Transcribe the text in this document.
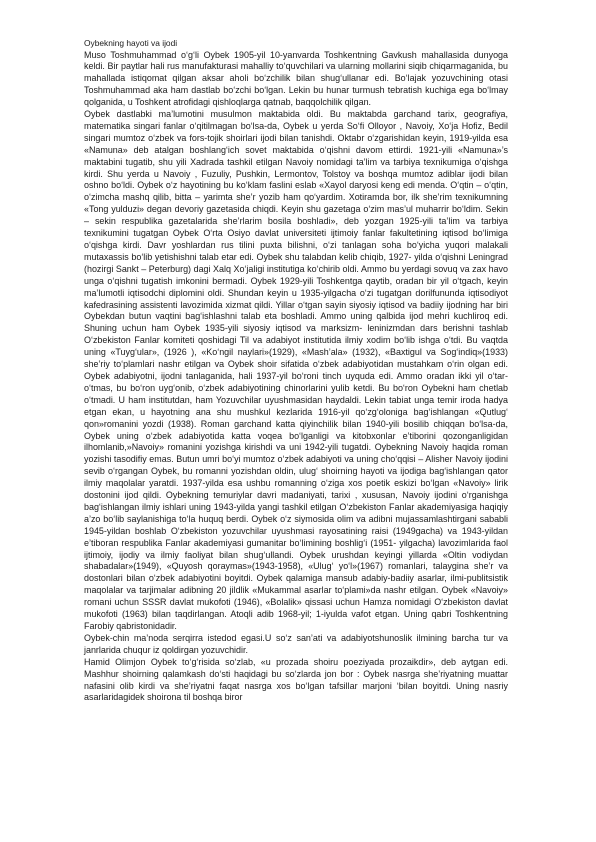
Oybekning hayoti va ijodi

Muso Toshmuhammad o‘g‘li Oybek 1905-yil 10-yanvarda Toshkentning Gavkush mahallasida dunyoga keldi. Bir paytlar hali rus manufakturasi mahalliy to‘quvchilari va ularning mollarini siqib chiqarmaganida, bu mahallada istiqomat qilgan aksar aholi bo‘zchilik bilan shug‘ullanar edi. Bo‘lajak yozuvchining otasi Toshmuhammad aka ham dastlab bo‘zchi bo‘lgan. Lekin bu hunar turmush tebratish kuchiga ega bo‘lmay qolganida, u Toshkent atrofidagi qishloqlarga qatnab, baqqolchilik qilgan.

Oybek dastlabki ma’lumotini musulmon maktabida oldi. Bu maktabda garchand tarix, geografiya, matematika singari fanlar o‘qitilmagan bo‘lsa-da, Oybek u yerda So‘fi Olloyor , Navoiy, Xo‘ja Hofiz, Bedil singari mumtoz o‘zbek va fors-tojik shoirlari ijodi bilan tanishdi. Oktabr o‘zgarishidan keyin, 1919-yilda esa «Namuna» deb atalgan boshlang‘ich sovet maktabida o‘qishni davom ettirdi. 1921-yili «Namuna»’s maktabini tugatib, shu yili Xadrada tashkil etilgan Navoiy nomidagi ta’lim va tarbiya texnikumiga o‘qishga kirdi. Shu yerda u Navoiy , Fuzuliy, Pushkin, Lermontov, Tolstoy va boshqa mumtoz adiblar ijodi bilan oshno bo‘ldi. Oybek o‘z hayotining bu ko‘klam faslini eslab «Xayol daryosi keng edi menda. O‘qtin – o‘qtin, o‘zimcha mashq qilib, bitta – yarimta she’r yozib ham qo‘yardim. Xotiramda bor, ilk she’rim texnikumning «Tong yulduzi» degan devoriy gazetasida chiqdi. Keyin shu gazetaga o‘zim mas’ul muharrir bo‘ldim. Sekin – sekin respublika gazetalarida she’rlarim bosila boshladi», deb yozgan 1925-yili ta’lim va tarbiya texnikumini tugatgan Oybek O‘rta Osiyo davlat universiteti ijtimoiy fanlar fakultetining iqtisod bo‘limiga o‘qishga kirdi. Davr yoshlardan rus tilini puxta bilishni, o‘zi tanlagan soha bo‘yicha yuqori malakali mutaxassis bo‘lib yetishishni talab etar edi. Oybek shu talabdan kelib chiqib, 1927- yilda o‘qishni Leningrad (hozirgi Sankt – Peterburg) dagi Xalq Xo‘jaligi institutiga ko‘chirib oldi. Ammo bu yerdagi sovuq va zax havo unga o‘qishni tugatish imkonini bermadi. Oybek 1929-yili Toshkentga qaytib, oradan bir yil o‘tgach, keyin ma’lumotli iqtisodchi diplomini oldi. Shundan keyin u 1935-yilgacha o‘zi tugatgan dorilfununda iqtisodiyot kafedrasining assistenti lavozimida xizmat qildi. Yillar o‘tgan sayin siyosiy iqtisod va badiiy ijodning har biri Oybekdan butun vaqtini bag‘ishlashni talab eta boshladi. Ammo uning qalbida ijod mehri kuchliroq edi. Shuning uchun ham Oybek 1935-yili siyosiy iqtisod va marksizm- leninizmdan dars berishni tashlab O‘zbekiston Fanlar komiteti qoshidagi Til va adabiyot institutida ilmiy xodim bo‘lib ishga o‘tdi. Bu vaqtda uning «Tuyg‘ular», (1926 ), «Ko‘ngil naylari»(1929), «Mash’ala» (1932), «Baxtigul va Sog‘indiq»(1933) she’riy to‘plamlari nashr etilgan va Oybek shoir sifatida o‘zbek adabiyotidan mustahkam o‘rin olgan edi. Oybek adabiyotni, ijodni tanlaganida, hali 1937-yil bo‘roni tinch uyquda edi. Ammo oradan ikki yil o‘tar-o‘tmas, bu bo‘ron uyg‘onib, o‘zbek adabiyotining chinorlarini yulib ketdi. Bu bo‘ron Oybekni ham chetlab o‘tmadi. U ham institutdan, ham Yozuvchilar uyushmasidan haydaldi. Lekin tabiat unga temir iroda hadya etgan ekan, u hayotning ana shu mushkul kezlarida 1916-yil qo‘zg‘oloniga bag‘ishlangan «Qutlug‘ qon»romanini yozdi (1938). Roman garchand katta qiyinchilik bilan 1940-yili bosilib chiqqan bo‘lsa-da, Oybek uning o‘zbek adabiyotida katta voqea bo‘lganligi va kitobxonlar e’tiborini qozonganligidan ilhomlanib,»Navoiy» romanini yozishga kirishdi va uni 1942-yili tugatdi. Oybekning Navoiy haqida roman yozishi tasodifiy emas. Butun umri bo‘yi mumtoz o‘zbek adabiyoti va uning cho‘qqisi – Alisher Navoiy ijodini sevib o‘rgangan Oybek, bu romanni yozishdan oldin, ulug‘ shoirning hayoti va ijodiga bag‘ishlangan qator ilmiy maqolalar yaratdi. 1937-yilda esa ushbu romanning o‘ziga xos poetik eskizi bo‘lgan «Navoiy» lirik dostonini ijod qildi. Oybekning temuriylar davri madaniyati, tarixi , xususan, Navoiy ijodini o‘rganishga bag‘ishlangan ilmiy ishlari uning 1943-yilda yangi tashkil etilgan O‘zbekiston Fanlar akademiyasiga haqiqiy a’zo bo‘lib saylanishiga to‘la huquq berdi. Oybek o‘z siymosida olim va adibni mujassamlashtirgani sababli 1945-yildan boshlab O‘zbekiston yozuvchilar uyushmasi rayosatining raisi (1949gacha) va 1943-yildan e’tiboran respublika Fanlar akademiyasi gumanitar bo‘limining boshlig‘i (1951- yilgacha) lavozimlarida faol ijtimoiy, ijodiy va ilmiy faoliyat bilan shug‘ullandi. Oybek urushdan keyingi yillarda «Oltin vodiydan shabadalar»(1949), «Quyosh qoraymas»(1943-1958), «Ulug‘ yo‘l»(1967) romanlari, talaygina she’r va dostonlari bilan o‘zbek adabiyotini boyitdi. Oybek qalamiga mansub adabiy-badiiy asarlar, ilmi-publitsistik maqolalar va tarjimalar adibning 20 jildlik «Mukammal asarlar to‘plami»da nashr etilgan. Oybek «Navoiy» romani uchun SSSR davlat mukofoti (1946), «Bolalik» qissasi uchun Hamza nomidagi O‘zbekiston davlat mukofoti (1963) bilan taqdirlangan. Atoqli adib 1968-yil; 1-iyulda vafot etgan. Uning qabri Toshkentning Farobiy qabristonidadir.

Oybek-chin ma’noda serqirra istedod egasi.U so‘z san’ati va adabiyotshunoslik ilmining barcha tur va janrlarida chuqur iz qoldirgan yozuvchidir.

Hamid Olimjon Oybek to‘g‘risida so‘zlab, «u prozada shoiru poeziyada prozaikdir», deb aytgan edi. Mashhur shoirning qalamkash do‘sti haqidagi bu so‘zlarda jon bor : Oybek nasrga she’riyatning muattar nafasini olib kirdi va she’riyatni faqat nasrga xos bo‘lgan tafsillar marjoni ‘bilan boyitdi. Uning nasriy asarlaridagidek shoirona til boshqa biror
